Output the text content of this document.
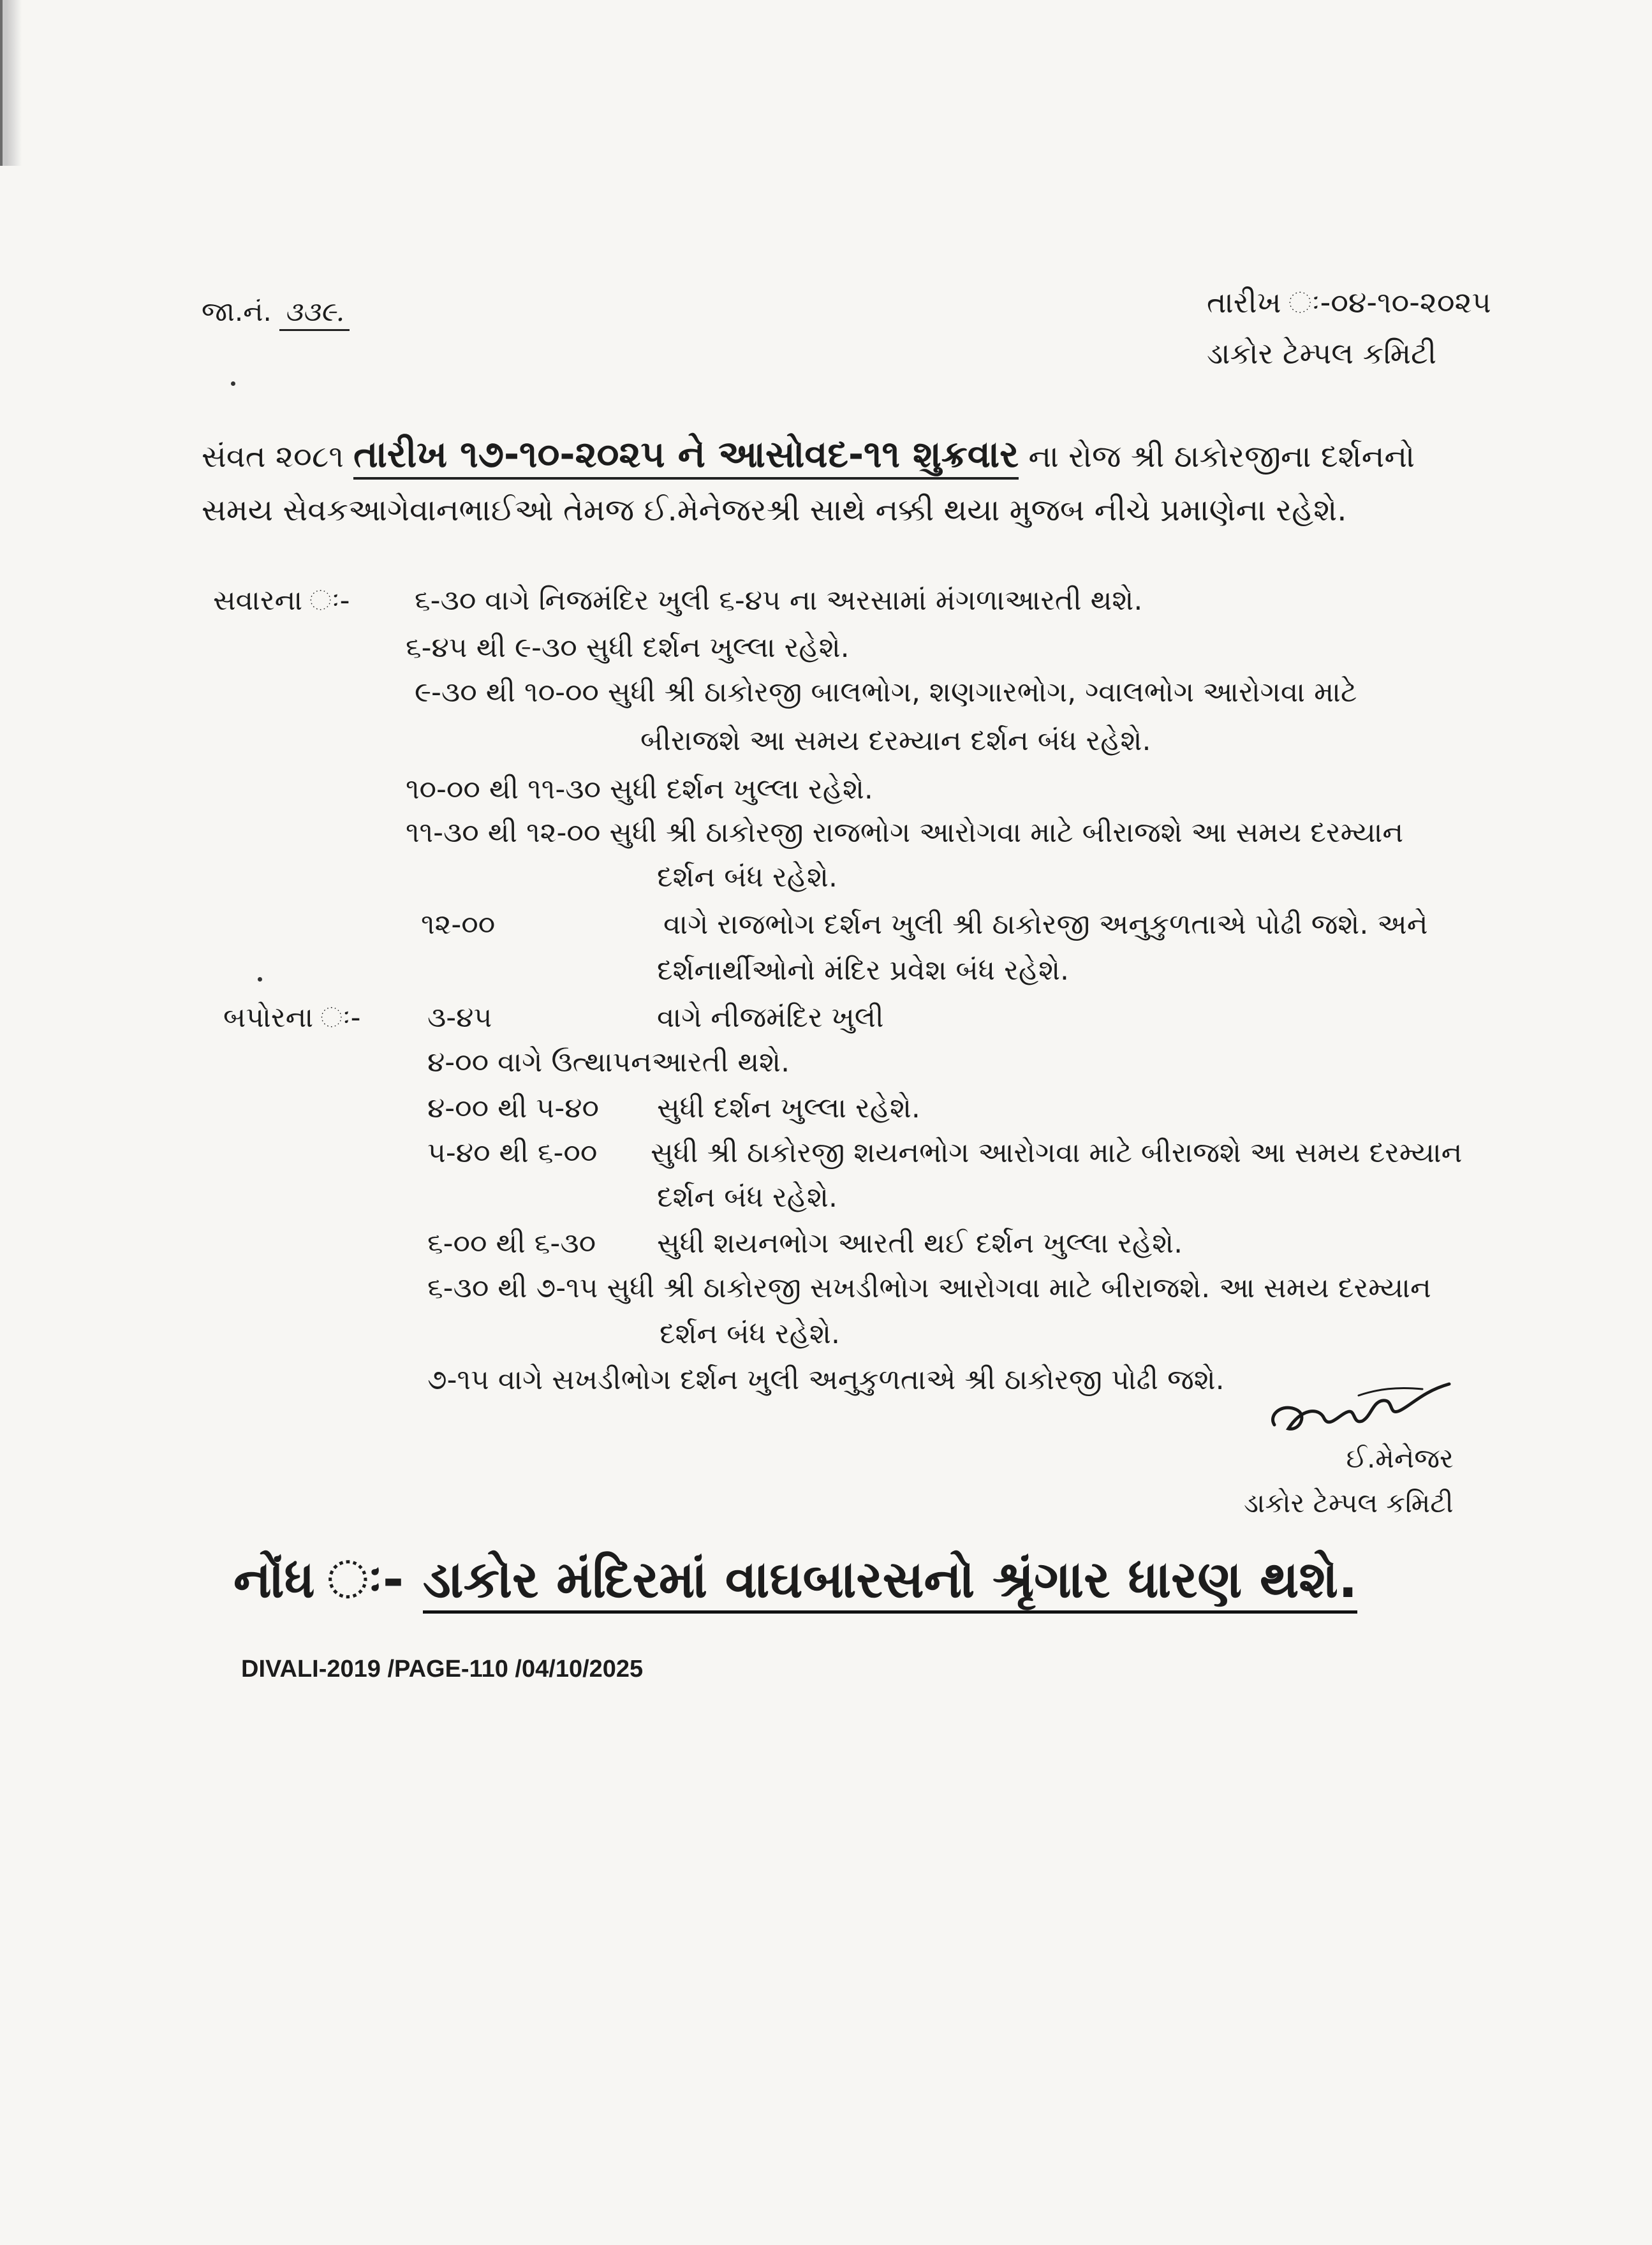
જા.નં. ૩૩૯.	તારીખ ઃ-૦૪-૧૦-૨૦૨૫
ડાકોર ટેમ્પલ કમિટી
સંવત ૨૦૮૧ તારીખ ૧૭-૧૦-૨૦૨૫ ને આસોવદ-૧૧ શુક્રવાર ના રોજ શ્રી ઠાકોરજીના દર્શનનો
સમય સેવકઆગેવાનભાઈઓ તેમજ ઈ.મેનેજરશ્રી સાથે નક્કી થયા મુજબ નીચે પ્રમાણેના રહેશે.
સવારના ઃ- ૬-૩૦ વાગે નિજમંદિર ખુલી ૬-૪૫ ના અરસામાં મંગળાઆરતી થશે.
૬-૪૫ થી ૯-૩૦ સુધી દર્શન ખુલ્લા રહેશે.
૯-૩૦ થી ૧૦-૦૦ સુધી શ્રી ઠાકોરજી બાલભોગ, શણગારભોગ, ગ્વાલભોગ આરોગવા માટે
બીરાજશે આ સમય દરમ્યાન દર્શન બંધ રહેશે.
૧૦-૦૦ થી ૧૧-૩૦ સુધી દર્શન ખુલ્લા રહેશે.
૧૧-૩૦ થી ૧૨-૦૦ સુધી શ્રી ઠાકોરજી રાજભોગ આરોગવા માટે બીરાજશે આ સમય દરમ્યાન
દર્શન બંધ રહેશે.
૧૨-૦૦	વાગે રાજભોગ દર્શન ખુલી શ્રી ઠાકોરજી અનુકુળતાએ પોઢી જશે. અને
દર્શનાર્થીઓનો મંદિર પ્રવેશ બંધ રહેશે.
બપોરના ઃ- ૩-૪૫	વાગે નીજમંદિર ખુલી
૪-૦૦ વાગે ઉત્થાપનઆરતી થશે.
૪-૦૦ થી ૫-૪૦ સુધી દર્શન ખુલ્લા રહેશે.
૫-૪૦ થી ૬-૦૦ સુધી શ્રી ઠાકોરજી શયનભોગ આરોગવા માટે બીરાજશે આ સમય દરમ્યાન
દર્શન બંધ રહેશે.
૬-૦૦ થી ૬-૩૦ સુધી શયનભોગ આરતી થઈ દર્શન ખુલ્લા રહેશે.
૬-૩૦ થી ૭-૧૫ સુધી શ્રી ઠાકોરજી સખડીભોગ આરોગવા માટે બીરાજશે. આ સમય દરમ્યાન
દર્શન બંધ રહેશે.
૭-૧૫ વાગે સખડીભોગ દર્શન ખુલી અનુકુળતાએ શ્રી ઠાકોરજી પોઢી જશે.
ઈ.મેનેજર
ડાકોર ટેમ્પલ કમિટી
નોંધ ઃ- ડાકોર મંદિરમાં વાઘબારસનો શ્રૃંગાર ધારણ થશે.
DIVALI-2019 /PAGE-110 /04/10/2025
